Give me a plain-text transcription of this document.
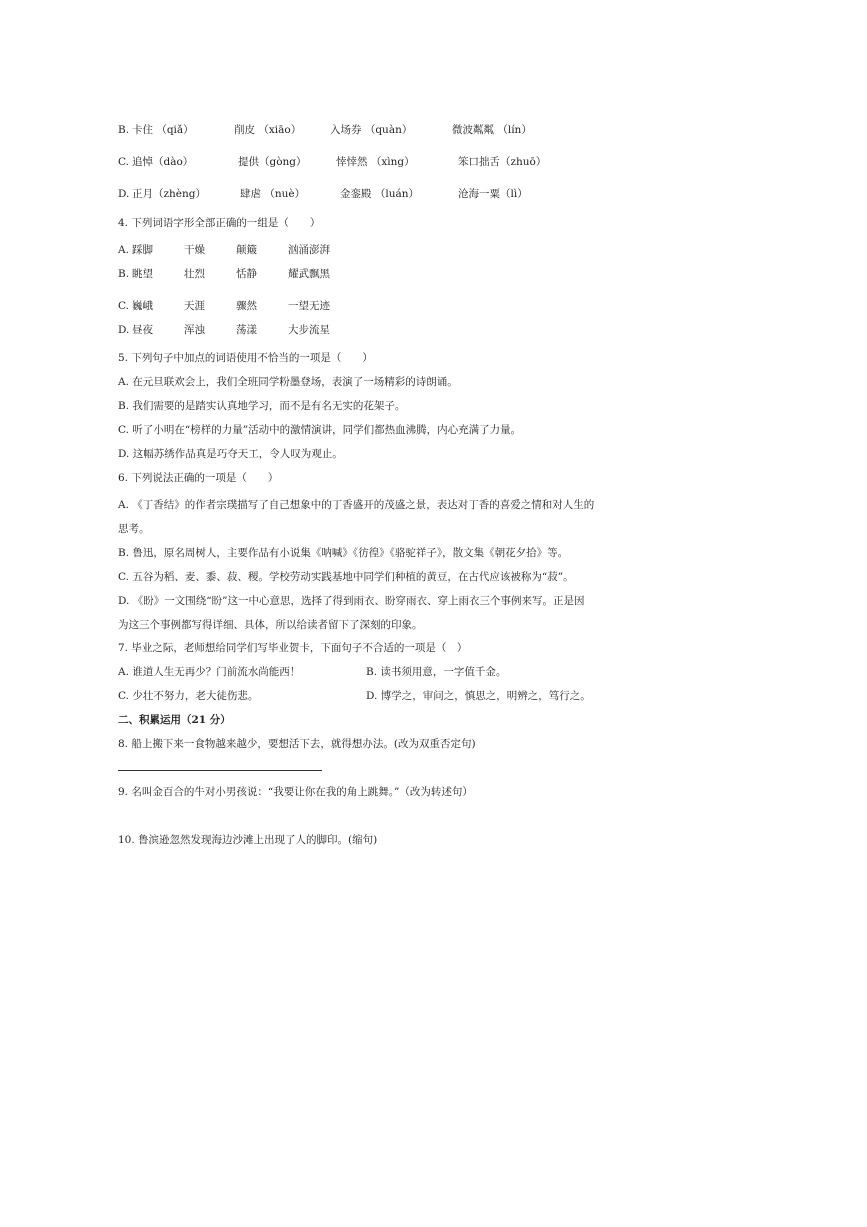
B. 卡住 （qiǎ）	削皮 （xiāo）	入场券 （quàn）	微波粼粼 （lín）
C. 追悼（dào）	提供（gòng）	悻悻然 （xìng）	笨口拙舌（zhuō）
D. 正月（zhèng）	肆虐 （nuè）	金銮殿 （luán）	沧海一粟（lì）
4. 下列词语字形全部正确的一组是（　　）
A. 踩脚	干燥	颠簸	汹涌澎湃
B. 眺望	壮烈	恬静	耀武飘黑
C. 巍峨	天涯	骤然	一望无迹
D. 昼夜	浑浊	荡漾	大步流星
5. 下列句子中加点的词语使用不恰当的一项是（　　）
A. 在元旦联欢会上，我们全班同学粉墨登场，表演了一场精彩的诗朗诵。
B. 我们需要的是踏实认真地学习，而不是有名无实的花架子。
C. 听了小明在“榜样的力量”活动中的激情演讲，同学们都热血沸腾，内心充满了力量。
D. 这幅苏绣作品真是巧夺天工，令人叹为观止。
6. 下列说法正确的一项是（　　）
A. 《丁香结》的作者宗璞描写了自己想象中的丁香盛开的茂盛之景，表达对丁香的喜爱之情和对人生的
思考。
B. 鲁迅，原名周树人，主要作品有小说集《呐喊》《彷徨》《骆驼祥子》，散文集《朝花夕拾》等。
C. 五谷为稻、麦、黍、菽、稷。学校劳动实践基地中同学们种植的黄豆，在古代应该被称为“菽”。
D. 《盼》一文围绕“盼”这一中心意思，选择了得到雨衣、盼穿雨衣、穿上雨衣三个事例来写。正是因
为这三个事例都写得详细、具体，所以给读者留下了深刻的印象。
7. 毕业之际，老师想给同学们写毕业贺卡，下面句子不合适的一项是（　）
A. 谁道人生无再少？门前流水尚能西！	B. 读书须用意，一字值千金。
C. 少壮不努力，老大徒伤悲。	D. 博学之，审问之，慎思之，明辨之，笃行之。
二、积累运用（21 分）
8. 船上搬下来一食物越来越少，要想活下去，就得想办法。(改为双重否定句)
9. 名叫金百合的牛对小男孩说：“我要让你在我的角上跳舞。”（改为转述句）
10. 鲁滨逊忽然发现海边沙滩上出现了人的脚印。(缩句)
